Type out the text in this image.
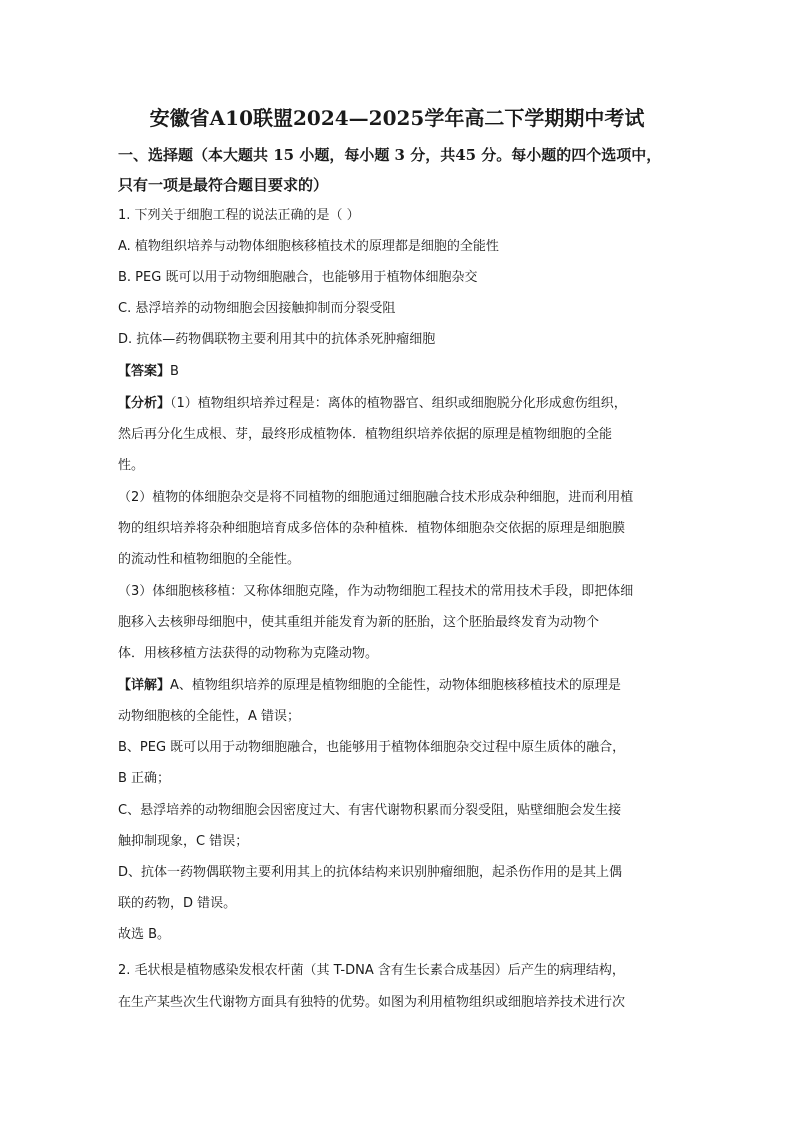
安徽省A10联盟2024—2025学年高二下学期期中考试
一、选择题（本大题共 15 小题，每小题 3 分，共45 分。每小题的四个选项中，
只有一项是最符合题目要求的）
1. 下列关于细胞工程的说法正确的是（ ）
A. 植物组织培养与动物体细胞核移植技术的原理都是细胞的全能性
B. PEG 既可以用于动物细胞融合，也能够用于植物体细胞杂交
C. 悬浮培养的动物细胞会因接触抑制而分裂受阻
D. 抗体—药物偶联物主要利用其中的抗体杀死肿瘤细胞
【答案】B
【分析】（1）植物组织培养过程是：离体的植物器官、组织或细胞脱分化形成愈伤组织，
然后再分化生成根、芽，最终形成植物体．植物组织培养依据的原理是植物细胞的全能
性。
（2）植物的体细胞杂交是将不同植物的细胞通过细胞融合技术形成杂种细胞，进而利用植
物的组织培养将杂种细胞培育成多倍体的杂种植株．植物体细胞杂交依据的原理是细胞膜
的流动性和植物细胞的全能性。
（3）体细胞核移植：又称体细胞克隆，作为动物细胞工程技术的常用技术手段，即把体细
胞移入去核卵母细胞中，使其重组并能发育为新的胚胎，这个胚胎最终发育为动物个
体．用核移植方法获得的动物称为克隆动物。
【详解】A、植物组织培养的原理是植物细胞的全能性，动物体细胞核移植技术的原理是
动物细胞核的全能性，A 错误；
B、PEG 既可以用于动物细胞融合，也能够用于植物体细胞杂交过程中原生质体的融合，
B 正确；
C、悬浮培养的动物细胞会因密度过大、有害代谢物积累而分裂受阻，贴壁细胞会发生接
触抑制现象，C 错误；
D、抗体一药物偶联物主要利用其上的抗体结构来识别肿瘤细胞，起杀伤作用的是其上偶
联的药物，D 错误。
故选 B。
2. 毛状根是植物感染发根农杆菌（其 T-DNA 含有生长素合成基因）后产生的病理结构，
在生产某些次生代谢物方面具有独特的优势。如图为利用植物组织或细胞培养技术进行次
